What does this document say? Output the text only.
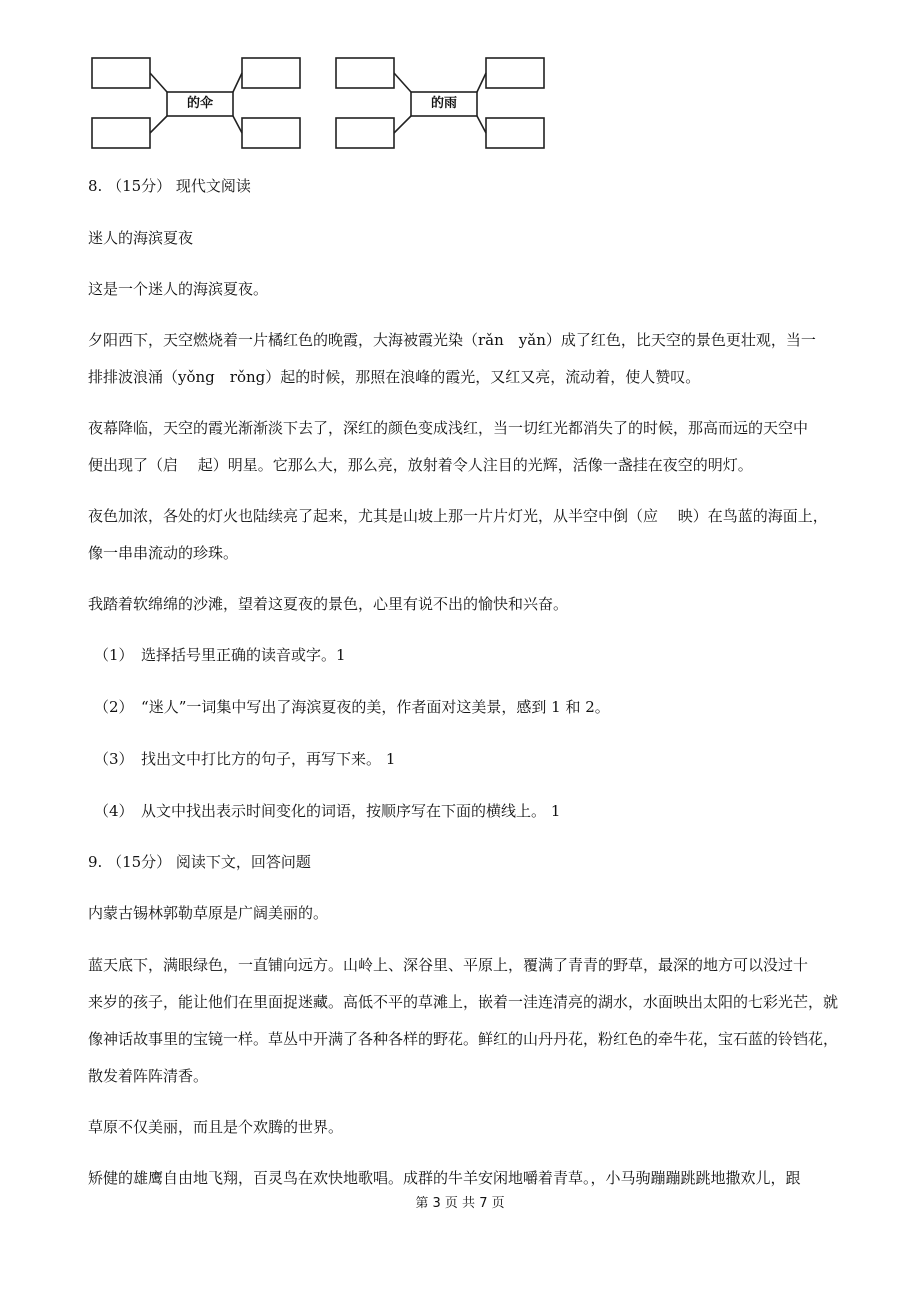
的伞	的雨
8. （15分） 现代文阅读
迷人的海滨夏夜
这是一个迷人的海滨夏夜。
夕阳西下，天空燃烧着一片橘红色的晚霞，大海被霞光染（rǎn　yǎn）成了红色，比天空的景色更壮观，当一
排排波浪涌（yǒng　rǒng）起的时候，那照在浪峰的霞光，又红又亮，流动着，使人赞叹。
夜幕降临，天空的霞光渐渐淡下去了，深红的颜色变成浅红，当一切红光都消失了的时候，那高而远的天空中
便出现了（启　 起）明星。它那么大，那么亮，放射着令人注目的光辉，活像一盏挂在夜空的明灯。
夜色加浓，各处的灯火也陆续亮了起来，尤其是山坡上那一片片灯光，从半空中倒（应　 映）在鸟蓝的海面上，
像一串串流动的珍珠。
我踏着软绵绵的沙滩，望着这夏夜的景色，心里有说不出的愉快和兴奋。
（1）　选择括号里正确的读音或字。1
（2）　“迷人”一词集中写出了海滨夏夜的美，作者面对这美景，感到 1 和 2。
（3）　找出文中打比方的句子，再写下来。 1
（4）　从文中找出表示时间变化的词语，按顺序写在下面的横线上。 1
9. （15分） 阅读下文，回答问题
内蒙古锡林郭勒草原是广阔美丽的。
蓝天底下，满眼绿色，一直铺向远方。山岭上、深谷里、平原上，覆满了青青的野草，最深的地方可以没过十
来岁的孩子，能让他们在里面捉迷藏。高低不平的草滩上，嵌着一洼连清亮的湖水，水面映出太阳的七彩光芒，就
像神话故事里的宝镜一样。草丛中开满了各种各样的野花。鲜红的山丹丹花，粉红色的牵牛花，宝石蓝的铃铛花，
散发着阵阵清香。
草原不仅美丽，而且是个欢腾的世界。
矫健的雄鹰自由地飞翔，百灵鸟在欢快地歌唱。成群的牛羊安闲地嚼着青草。，小马驹蹦蹦跳跳地撒欢儿，跟
第 3 页 共 7 页
